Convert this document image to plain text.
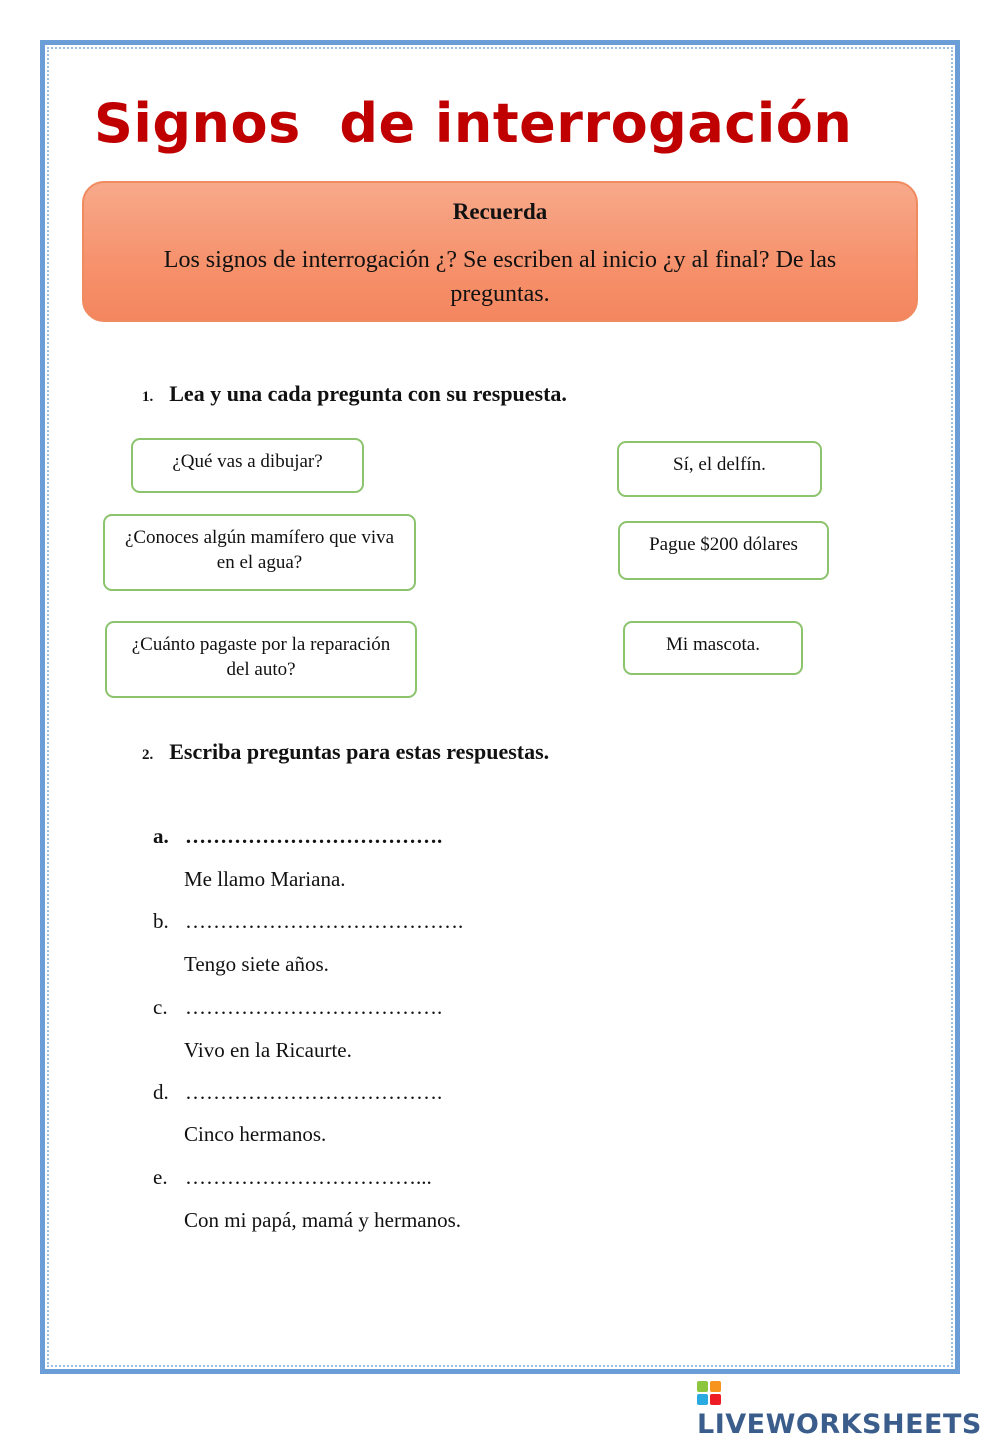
Signos  de interrogación
Recuerda
Los signos de interrogación ¿? Se escriben al inicio ¿y al final? De las preguntas.
1. Lea y una cada pregunta con su respuesta.
¿Qué vas a dibujar?
¿Conoces algún mamífero que viva en el agua?
¿Cuánto pagaste por la reparación del auto?
Sí, el delfín.
Pague $200 dólares
Mi mascota.
2. Escriba preguntas para estas respuestas.
a. ……………………………….
Me llamo Mariana.
b. ………………………………….
Tengo siete años.
c. ……………………………….
Vivo en la Ricaurte.
d. ……………………………….
Cinco hermanos.
e. ……………………………...
Con mi papá, mamá y hermanos.
LIVEWORKSHEETS
